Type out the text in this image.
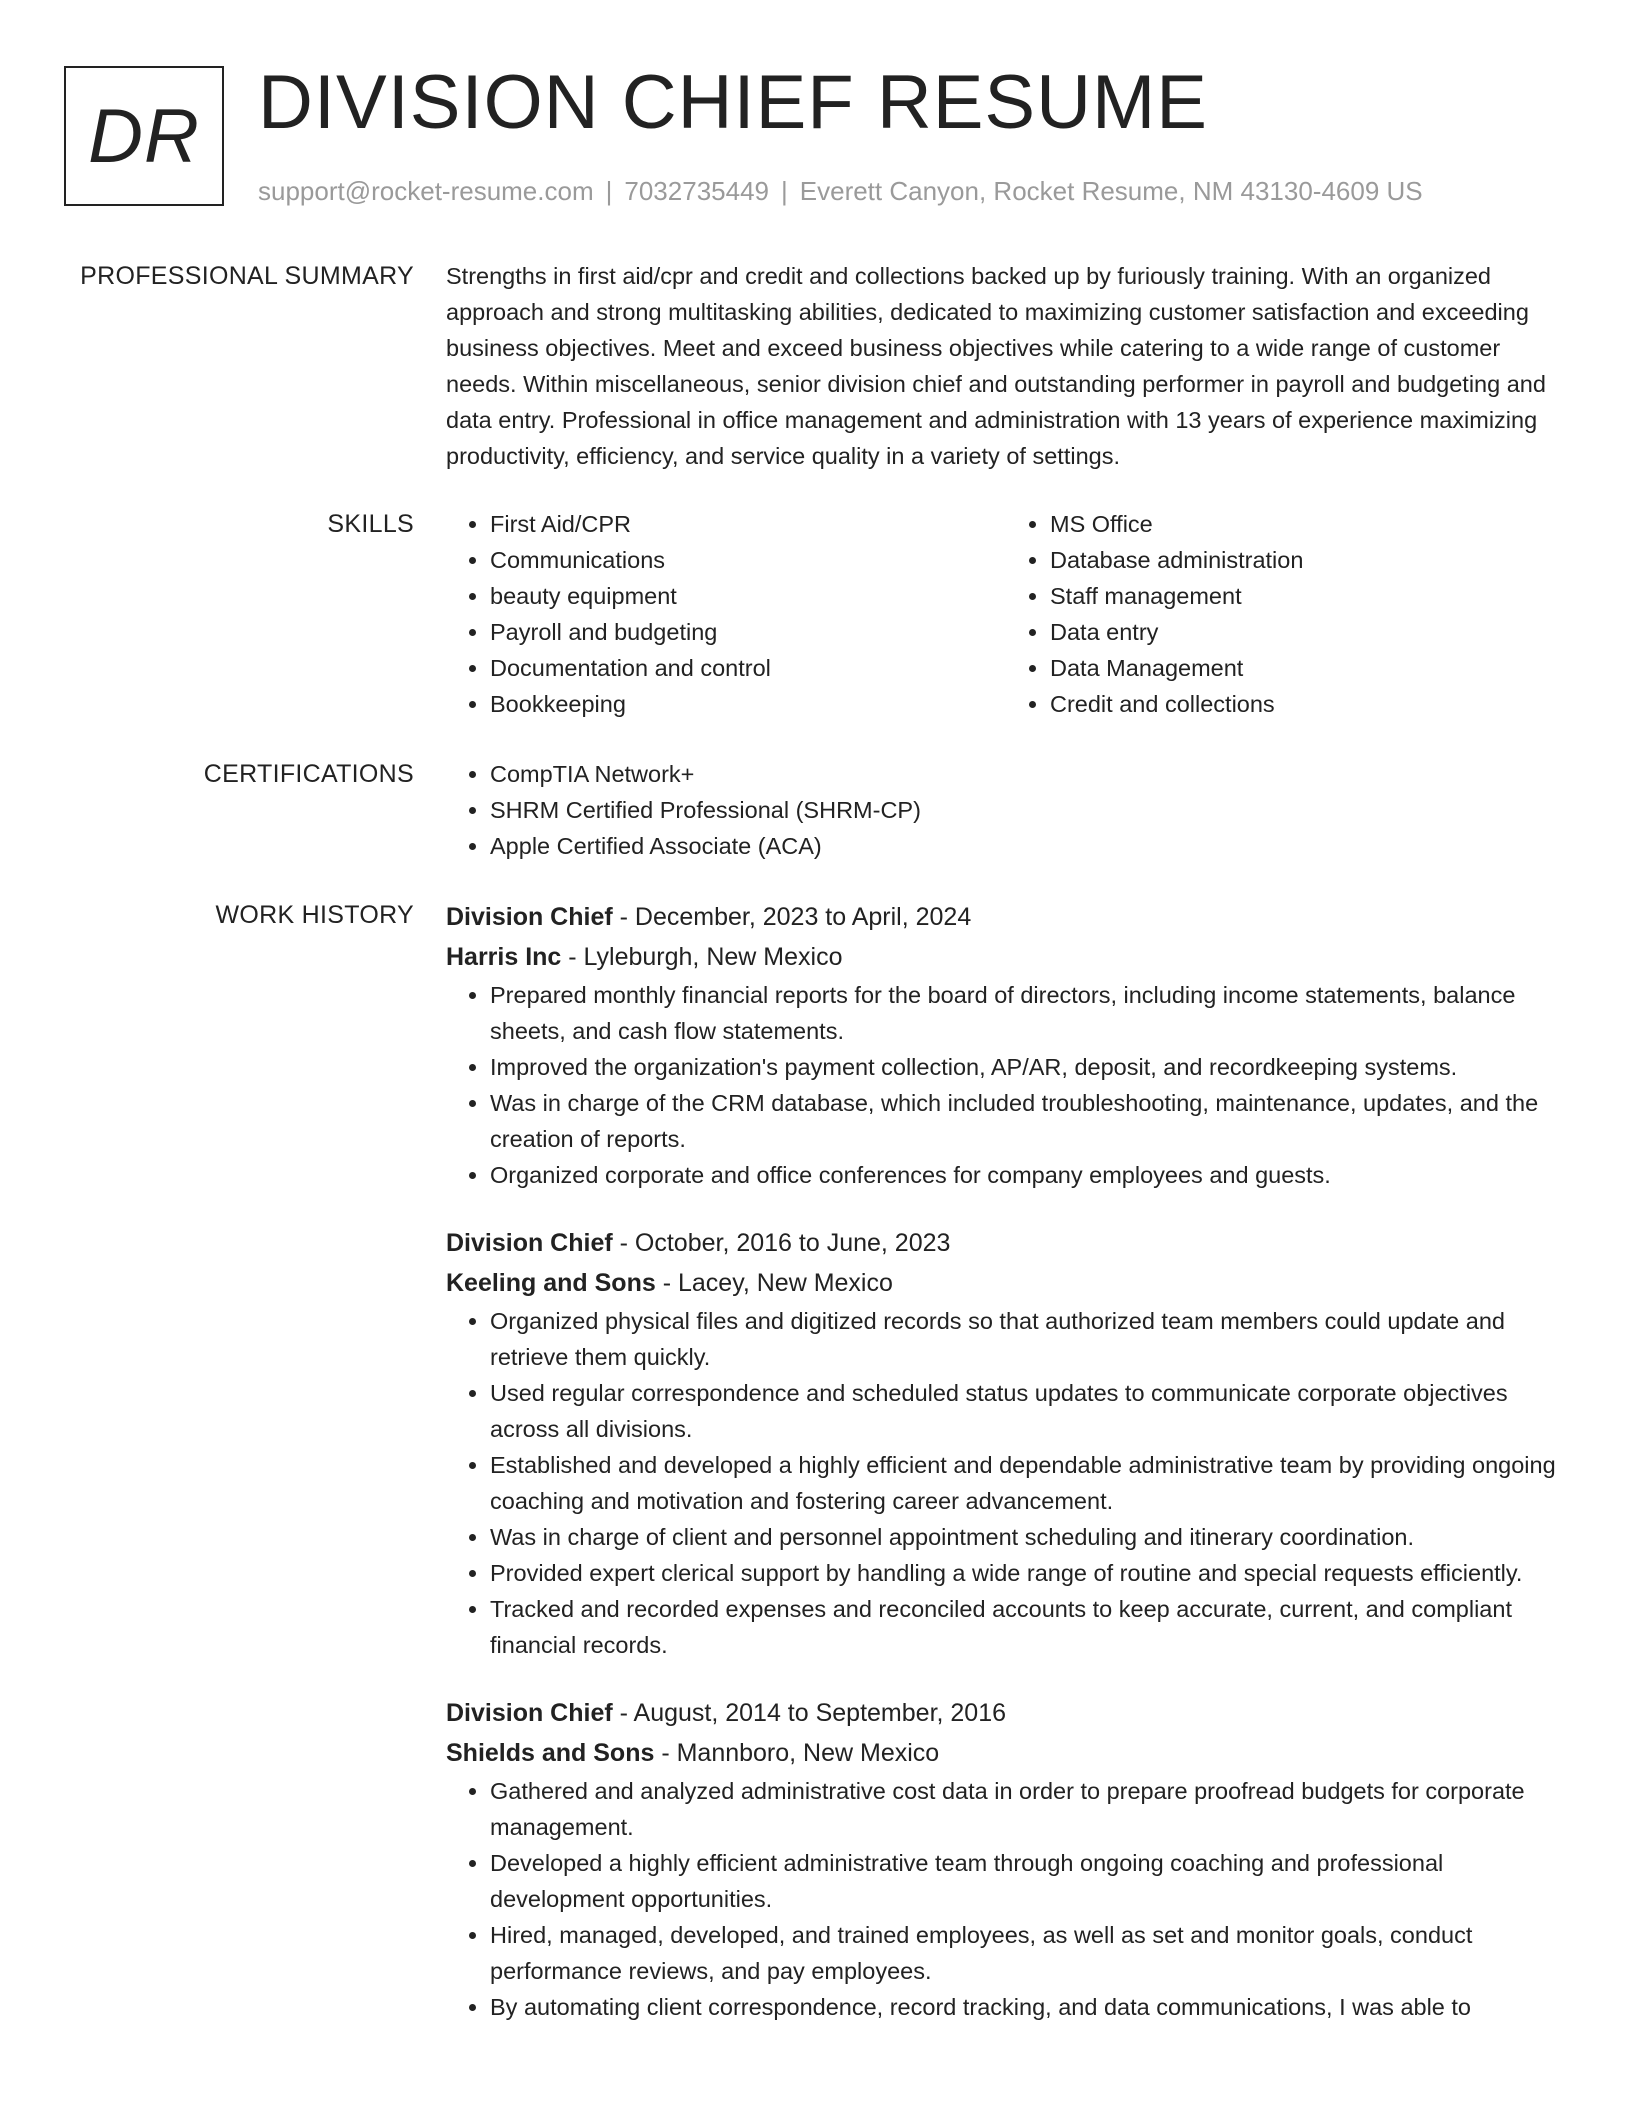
DR DIVISION CHIEF RESUME
support@rocket-resume.com | 7032735449 | Everett Canyon, Rocket Resume, NM 43130-4609 US
PROFESSIONAL SUMMARY Strengths in first aid/cpr and credit and collections backed up by furiously training. With an organized approach and strong multitasking abilities, dedicated to maximizing customer satisfaction and exceeding business objectives. Meet and exceed business objectives while catering to a wide range of customer needs. Within miscellaneous, senior division chief and outstanding performer in payroll and budgeting and data entry. Professional in office management and administration with 13 years of experience maximizing productivity, efficiency, and service quality in a variety of settings.

SKILLS	• First Aid/CPR
• Communications
• beauty equipment
• Payroll and budgeting
• Documentation and control
• Bookkeeping
• MS Office
• Database administration
• Staff management
• Data entry
• Data Management
• Credit and collections
CERTIFICATIONS	• CompTIA Network+
• SHRM Certified Professional (SHRM-CP)
• Apple Certified Associate (ACA)
WORK HISTORY Division Chief - December, 2023 to April, 2024
Harris Inc - Lyleburgh, New Mexico
• Prepared monthly financial reports for the board of directors, including income statements, balance sheets, and cash flow statements.
• Improved the organization's payment collection, AP/AR, deposit, and recordkeeping systems.
• Was in charge of the CRM database, which included troubleshooting, maintenance, updates, and the creation of reports.
• Organized corporate and office conferences for company employees and guests.
Division Chief - October, 2016 to June, 2023
Keeling and Sons - Lacey, New Mexico
• Organized physical files and digitized records so that authorized team members could update and retrieve them quickly.
• Used regular correspondence and scheduled status updates to communicate corporate objectives across all divisions.
• Established and developed a highly efficient and dependable administrative team by providing ongoing coaching and motivation and fostering career advancement.
• Was in charge of client and personnel appointment scheduling and itinerary coordination.
• Provided expert clerical support by handling a wide range of routine and special requests efficiently.
• Tracked and recorded expenses and reconciled accounts to keep accurate, current, and compliant financial records.
Division Chief - August, 2014 to September, 2016
Shields and Sons - Mannboro, New Mexico
• Gathered and analyzed administrative cost data in order to prepare proofread budgets for corporate management.
• Developed a highly efficient administrative team through ongoing coaching and professional development opportunities.
• Hired, managed, developed, and trained employees, as well as set and monitor goals, conduct performance reviews, and pay employees.
• By automating client correspondence, record tracking, and data communications, I was able to
